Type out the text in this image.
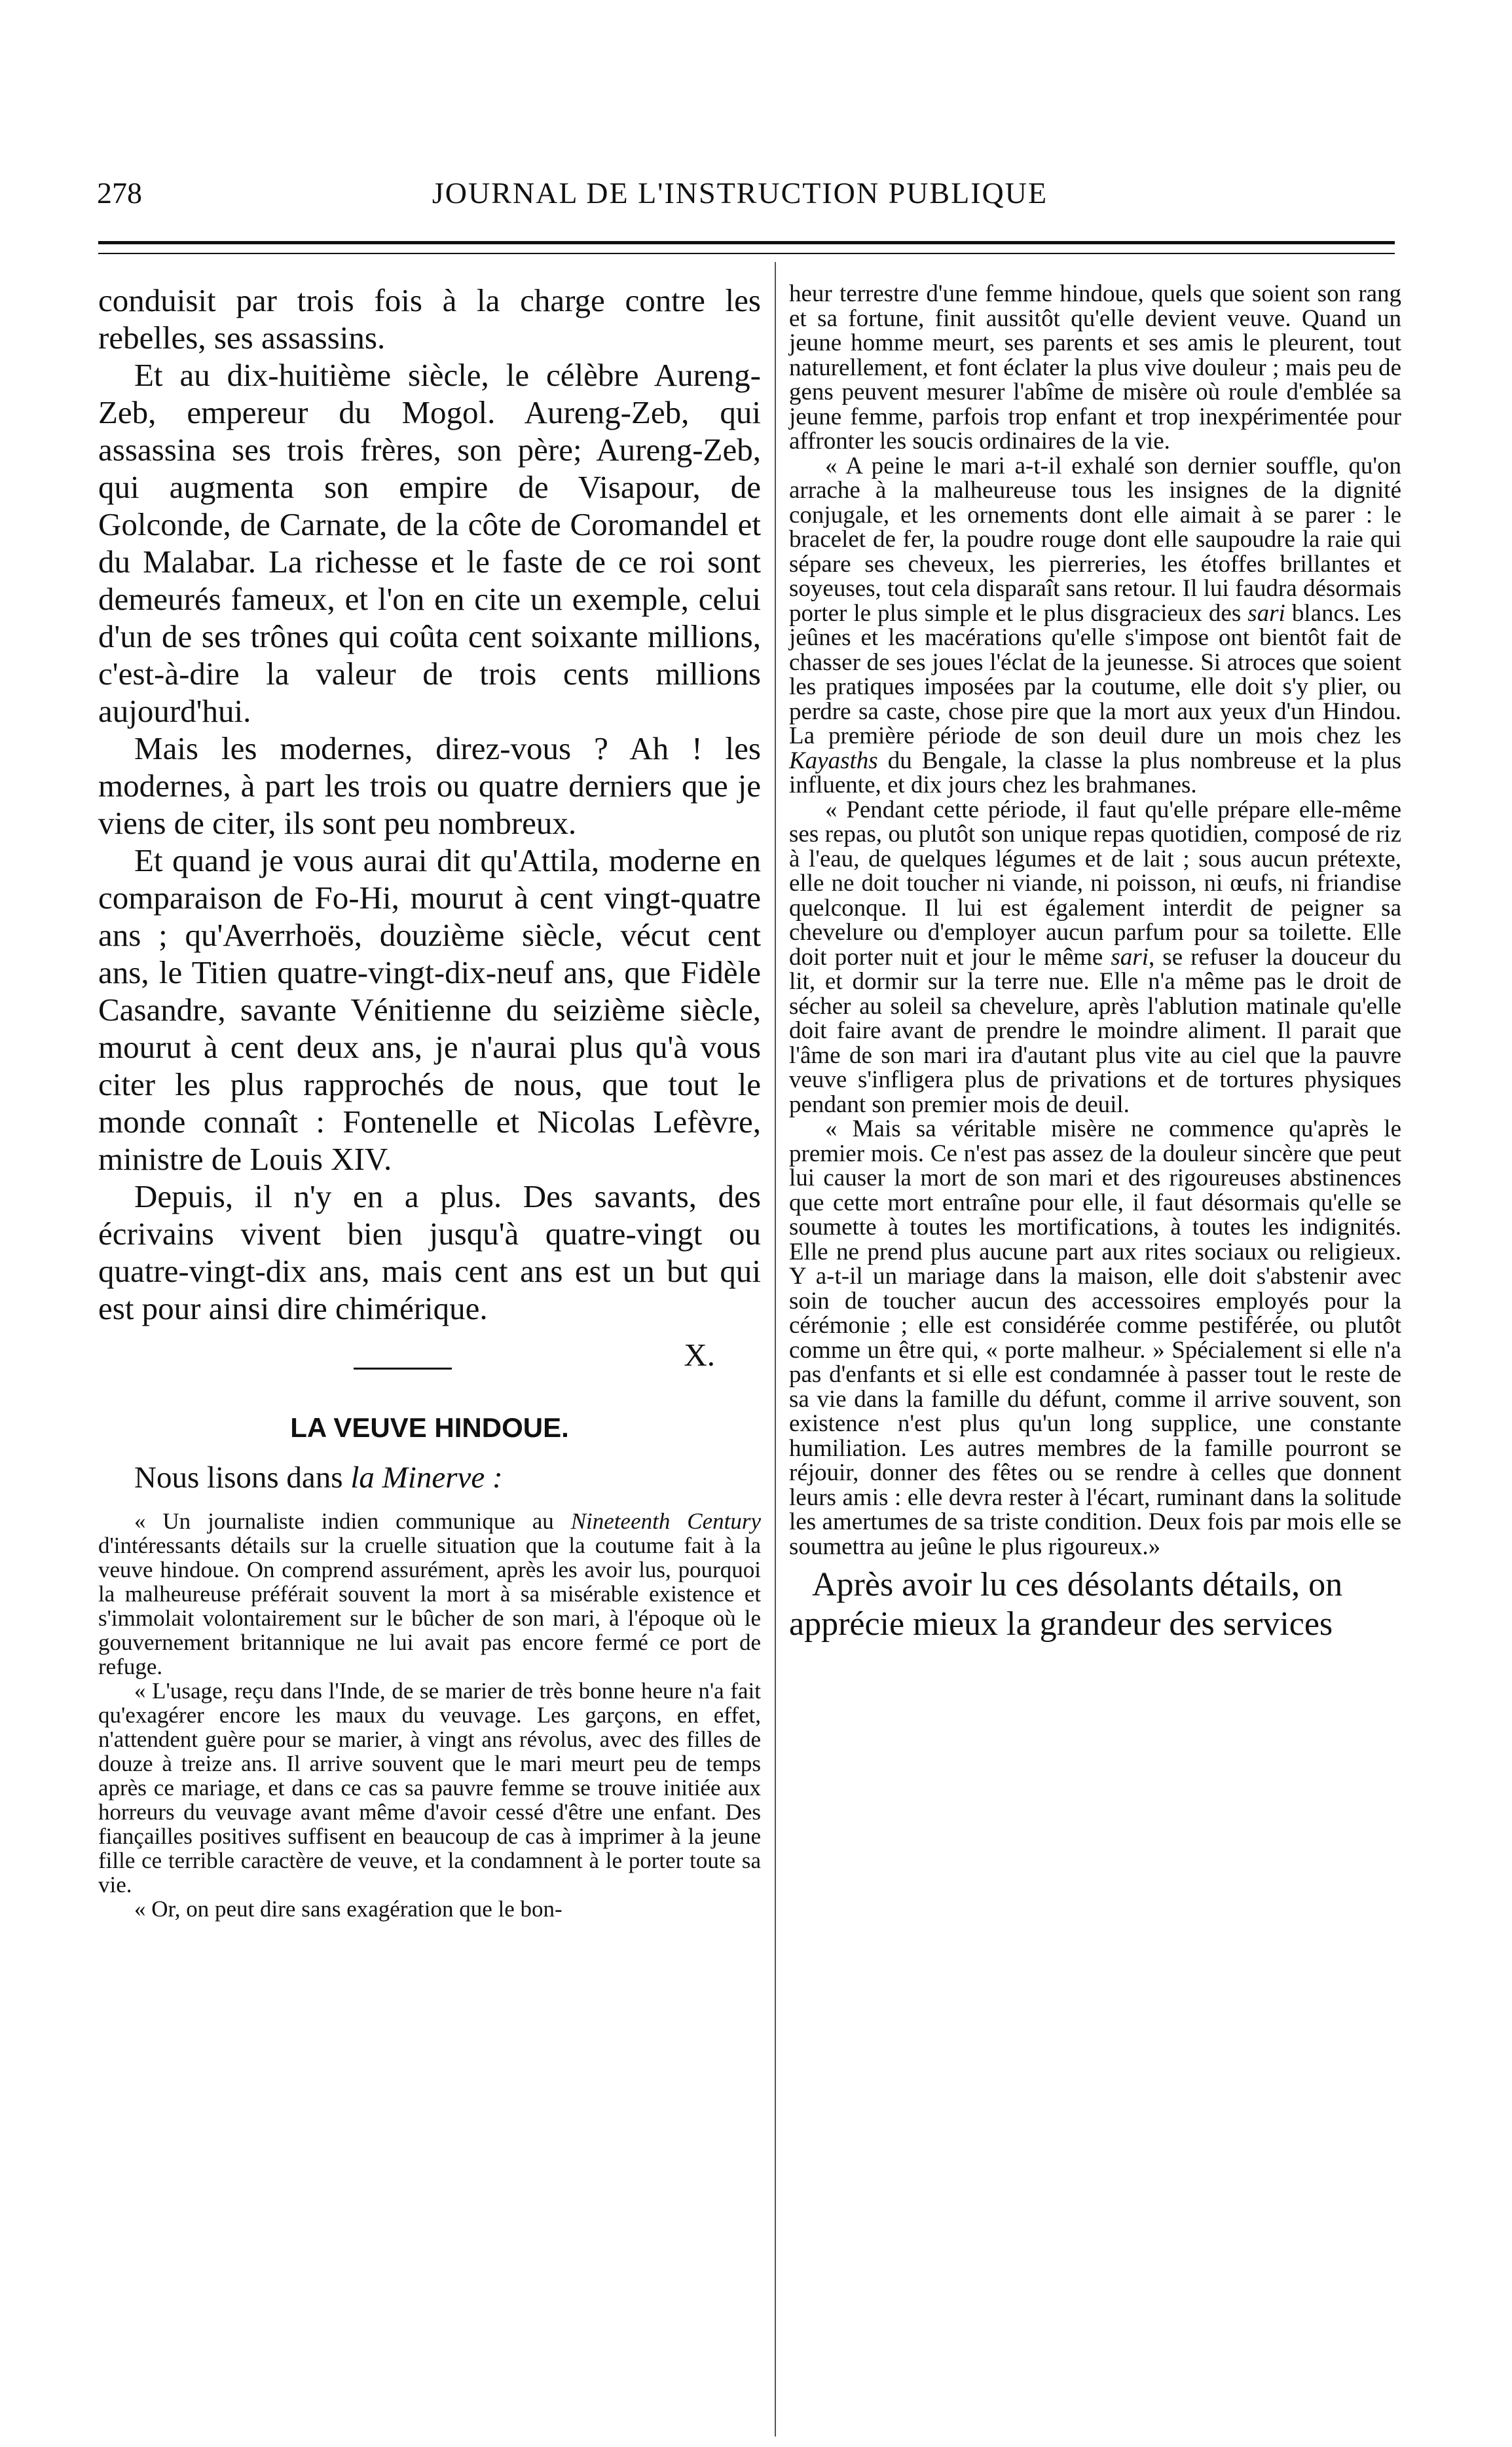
278	JOURNAL DE L'INSTRUCTION PUBLIQUE

conduisit par trois fois à la charge contre les rebelles, ses assassins.

Et au dix-huitième siècle, le célèbre Aureng-Zeb, empereur du Mogol. Aureng-Zeb, qui assassina ses trois frères, son père; Aureng-Zeb, qui augmenta son empire de Visapour, de Golconde, de Carnate, de la côte de Coromandel et du Malabar. La richesse et le faste de ce roi sont demeurés fameux, et l'on en cite un exemple, celui d'un de ses trônes qui coûta cent soixante millions, c'est-à-dire la valeur de trois cents millions aujourd'hui.

Mais les modernes, direz-vous ? Ah ! les modernes, à part les trois ou quatre derniers que je viens de citer, ils sont peu nombreux.

Et quand je vous aurai dit qu'Attila, moderne en comparaison de Fo-Hi, mourut à cent vingt-quatre ans ; qu'Averrhoës, douzième siècle, vécut cent ans, le Titien quatre-vingt-dix-neuf ans, que Fidèle Casandre, savante Vénitienne du seizième siècle, mourut à cent deux ans, je n'aurai plus qu'à vous citer les plus rapprochés de nous, que tout le monde connaît : Fontenelle et Nicolas Lefèvre, ministre de Louis XIV.

Depuis, il n'y en a plus. Des savants, des écrivains vivent bien jusqu'à quatre-vingt ou quatre-vingt-dix ans, mais cent ans est un but qui est pour ainsi dire chimérique.

X.
LA VEUVE HINDOUE.

Nous lisons dans la Minerve :

« Un journaliste indien communique au Nineteenth Century d'intéressants détails sur la cruelle situation que la coutume fait à la veuve hindoue. On comprend assurément, après les avoir lus, pourquoi la malheureuse préférait souvent la mort à sa misérable existence et s'immolait volontairement sur le bûcher de son mari, à l'époque où le gouvernement britannique ne lui avait pas encore fermé ce port de refuge.

« L'usage, reçu dans l'Inde, de se marier de très bonne heure n'a fait qu'exagérer encore les maux du veuvage. Les garçons, en effet, n'attendent guère pour se marier, à vingt ans révolus, avec des filles de douze à treize ans. Il arrive souvent que le mari meurt peu de temps après ce mariage, et dans ce cas sa pauvre femme se trouve initiée aux horreurs du veuvage avant même d'avoir cessé d'être une enfant. Des fiançailles positives suffisent en beaucoup de cas à imprimer à la jeune fille ce terrible caractère de veuve, et la condamnent à le porter toute sa vie.

« Or, on peut dire sans exagération que le bon-

heur terrestre d'une femme hindoue, quels que soient son rang et sa fortune, finit aussitôt qu'elle devient veuve. Quand un jeune homme meurt, ses parents et ses amis le pleurent, tout naturellement, et font éclater la plus vive douleur ; mais peu de gens peuvent mesurer l'abîme de misère où roule d'emblée sa jeune femme, parfois trop enfant et trop inexpérimentée pour affronter les soucis ordinaires de la vie.

« A peine le mari a-t-il exhalé son dernier souffle, qu'on arrache à la malheureuse tous les insignes de la dignité conjugale, et les ornements dont elle aimait à se parer : le bracelet de fer, la poudre rouge dont elle saupoudre la raie qui sépare ses cheveux, les pierreries, les étoffes brillantes et soyeuses, tout cela disparaît sans retour. Il lui faudra désormais porter le plus simple et le plus disgracieux des sari blancs. Les jeûnes et les macérations qu'elle s'impose ont bientôt fait de chasser de ses joues l'éclat de la jeunesse. Si atroces que soient les pratiques imposées par la coutume, elle doit s'y plier, ou perdre sa caste, chose pire que la mort aux yeux d'un Hindou. La première période de son deuil dure un mois chez les Kayasths du Bengale, la classe la plus nombreuse et la plus influente, et dix jours chez les brahmanes.

« Pendant cette période, il faut qu'elle prépare elle-même ses repas, ou plutôt son unique repas quotidien, composé de riz à l'eau, de quelques légumes et de lait ; sous aucun prétexte, elle ne doit toucher ni viande, ni poisson, ni œufs, ni friandise quelconque. Il lui est également interdit de peigner sa chevelure ou d'employer aucun parfum pour sa toilette. Elle doit porter nuit et jour le même sari, se refuser la douceur du lit, et dormir sur la terre nue. Elle n'a même pas le droit de sécher au soleil sa chevelure, après l'ablution matinale qu'elle doit faire avant de prendre le moindre aliment. Il parait que l'âme de son mari ira d'autant plus vite au ciel que la pauvre veuve s'infligera plus de privations et de tortures physiques pendant son premier mois de deuil.

« Mais sa véritable misère ne commence qu'après le premier mois. Ce n'est pas assez de la douleur sincère que peut lui causer la mort de son mari et des rigoureuses abstinences que cette mort entraîne pour elle, il faut désormais qu'elle se soumette à toutes les mortifications, à toutes les indignités. Elle ne prend plus aucune part aux rites sociaux ou religieux. Y a-t-il un mariage dans la maison, elle doit s'abstenir avec soin de toucher aucun des accessoires employés pour la cérémonie ; elle est considérée comme pestiférée, ou plutôt comme un être qui, « porte malheur. » Spécialement si elle n'a pas d'enfants et si elle est condamnée à passer tout le reste de sa vie dans la famille du défunt, comme il arrive souvent, son existence n'est plus qu'un long supplice, une constante humiliation. Les autres membres de la famille pourront se réjouir, donner des fêtes ou se rendre à celles que donnent leurs amis : elle devra rester à l'écart, ruminant dans la solitude les amertumes de sa triste condition. Deux fois par mois elle se soumettra au jeûne le plus rigoureux.»

Après avoir lu ces désolants détails, on apprécie mieux la grandeur des services
